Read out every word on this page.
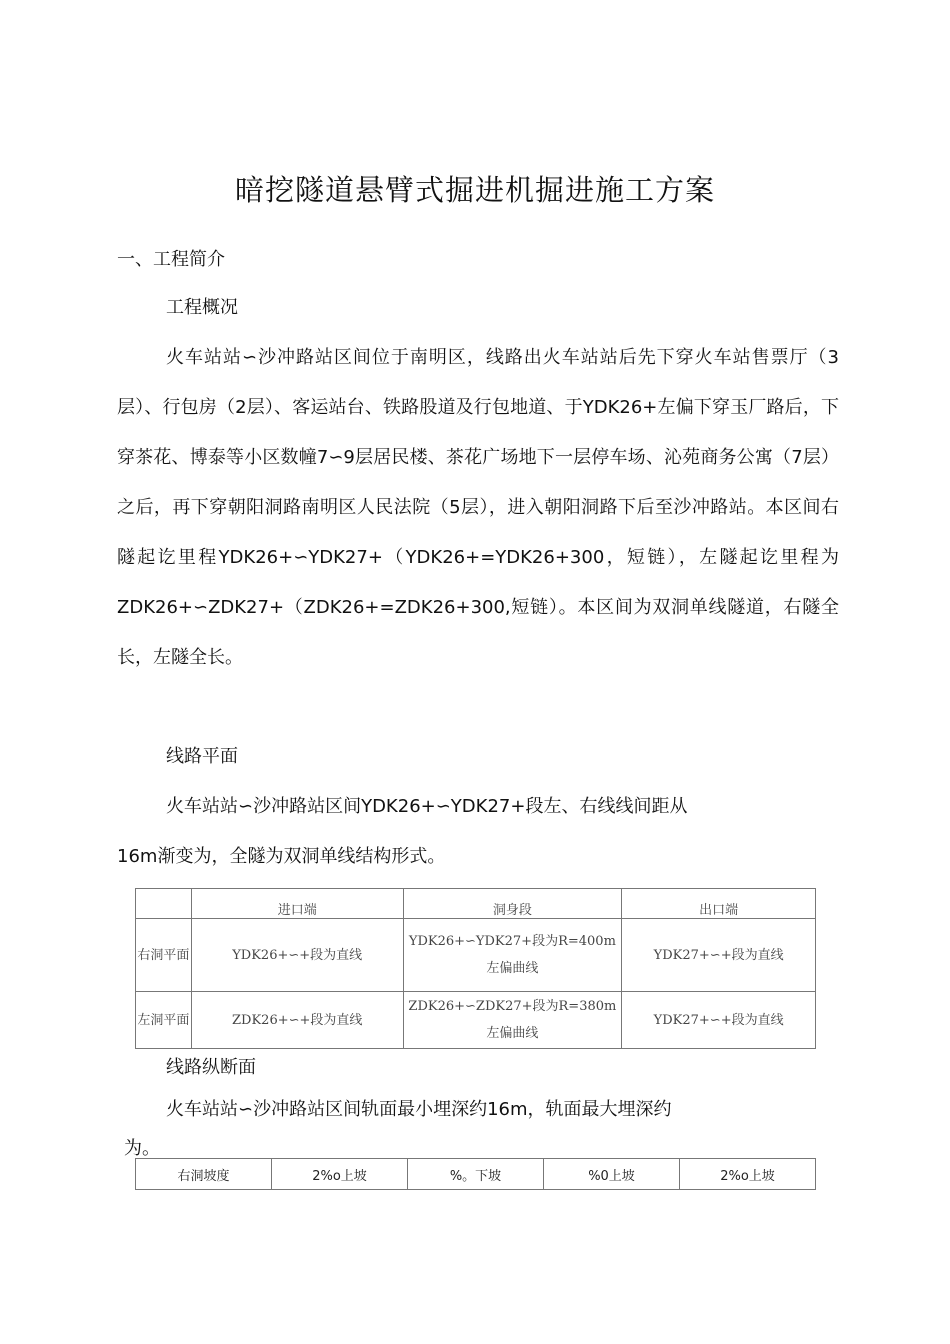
暗挖隧道悬臂式掘进机掘进施工方案
一、工程简介
工程概况
火车站站∽沙冲路站区间位于南明区，线路出火车站站后先下穿火车站售票厅（3层）、行包房（2层）、客运站台、铁路股道及行包地道、于YDK26+左偏下穿玉厂路后，下穿茶花、博泰等小区数幢7∽9层居民楼、茶花广场地下一层停车场、沁苑商务公寓（7层）之后，再下穿朝阳洞路南明区人民法院（5层），进入朝阳洞路下后至沙冲路站。本区间右隧起讫里程YDK26+∽YDK27+（YDK26+=YDK26+300，短链），左隧起讫里程为ZDK26+∽ZDK27+（ZDK26+=ZDK26+300,短链）。本区间为双洞单线隧道，右隧全长，左隧全长。
线路平面
火车站站∽沙冲路站区间YDK26+∽YDK27+段左、右线线间距从
16m渐变为，全隧为双洞单线结构形式。
	进口端	洞身段	出口端
右洞平面	YDK26+∽+段为直线	YDK26+∽YDK27+段为R=400m左偏曲线	YDK27+∽+段为直线
左洞平面	ZDK26+∽+段为直线	ZDK26+∽ZDK27+段为R=380m左偏曲线	YDK27+∽+段为直线
线路纵断面
火车站站∽沙冲路站区间轨面最小埋深约16m，轨面最大埋深约
为。
右洞坡度	2%o上坡	%。下坡	%0上坡	2%o上坡
